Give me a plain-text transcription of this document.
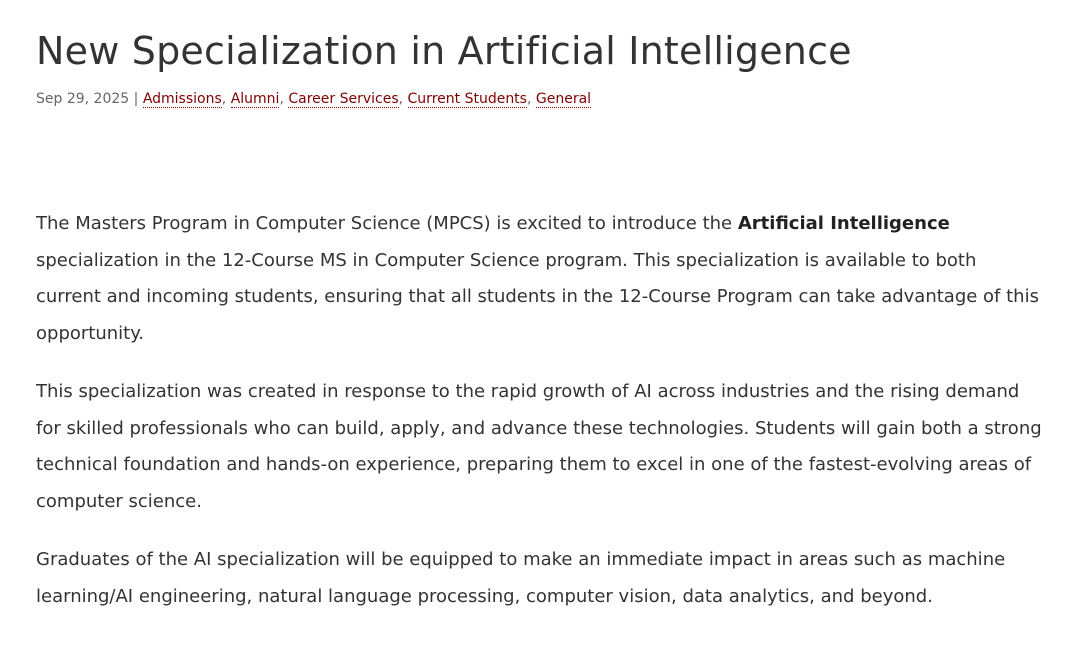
New Specialization in Artificial Intelligence
Sep 29, 2025 | Admissions, Alumni, Career Services, Current Students, General

The Masters Program in Computer Science (MPCS) is excited to introduce the Artificial Intelligence specialization in the 12-Course MS in Computer Science program. This specialization is available to both current and incoming students, ensuring that all students in the 12-Course Program can take advantage of this opportunity.

This specialization was created in response to the rapid growth of AI across industries and the rising demand for skilled professionals who can build, apply, and advance these technologies. Students will gain both a strong technical foundation and hands-on experience, preparing them to excel in one of the fastest-evolving areas of computer science.

Graduates of the AI specialization will be equipped to make an immediate impact in areas such as machine learning/AI engineering, natural language processing, computer vision, data analytics, and beyond.
